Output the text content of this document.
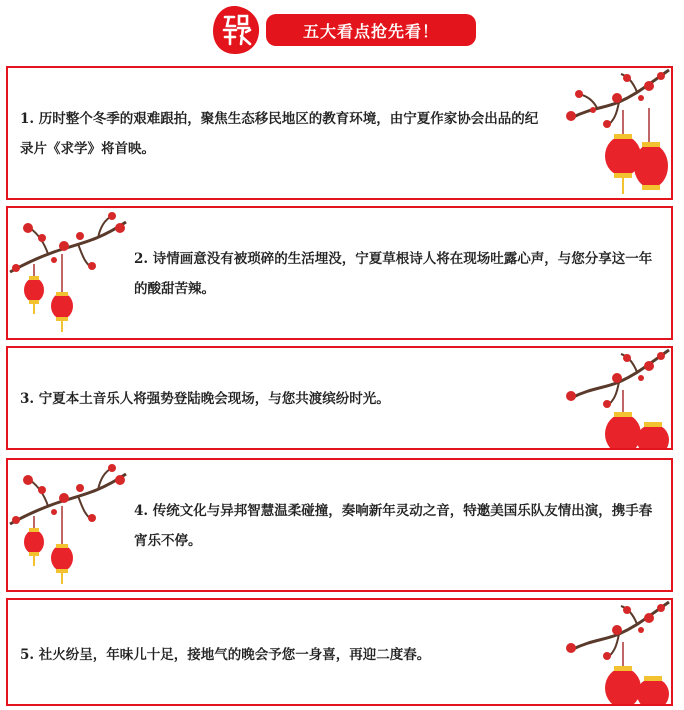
五大看点抢先看！
1. 历时整个冬季的艰难跟拍，聚焦生态移民地区的教育环境，由宁夏作家协会出品的纪录片《求学》将首映。
2. 诗情画意没有被琐碎的生活埋没，宁夏草根诗人将在现场吐露心声，与您分享这一年的酸甜苦辣。
3. 宁夏本土音乐人将强势登陆晚会现场，与您共渡缤纷时光。
4. 传统文化与异邦智慧温柔碰撞，奏响新年灵动之音，特邀美国乐队友情出演，携手春宵乐不停。
5. 社火纷呈，年味儿十足，接地气的晚会予您一身喜，再迎二度春。
